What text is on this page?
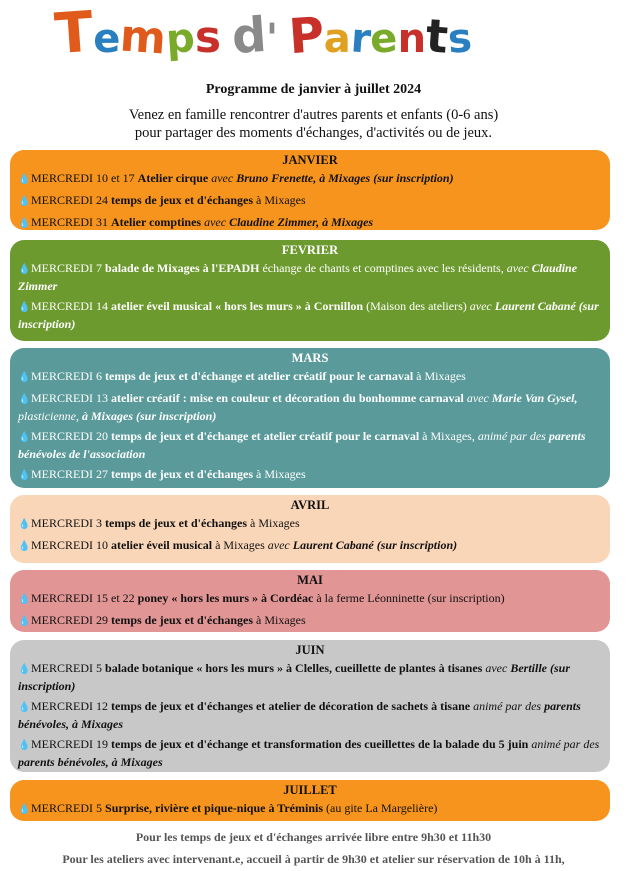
Temps d' Parents
Programme de janvier à juillet 2024
Venez en famille rencontrer d'autres parents et enfants (0-6 ans)
pour partager des moments d'échanges, d'activités ou de jeux.
JANVIER
💧 MERCREDI 10 et 17 Atelier cirque avec Bruno Frenette, à Mixages (sur inscription)
💧 MERCREDI 24 temps de jeux et d'échanges à Mixages
💧 MERCREDI 31 Atelier comptines avec Claudine Zimmer, à Mixages
FEVRIER
💧 MERCREDI 7 balade de Mixages à l'EPADH échange de chants et comptines avec les résidents, avec Claudine Zimmer
💧 MERCREDI 14 atelier éveil musical « hors les murs » à Cornillon (Maison des ateliers) avec Laurent Cabané (sur inscription)
MARS
💧 MERCREDI 6 temps de jeux et d'échange et atelier créatif pour le carnaval à Mixages
💧 MERCREDI 13 atelier créatif : mise en couleur et décoration du bonhomme carnaval avec Marie Van Gysel, plasticienne, à Mixages (sur inscription)
💧 MERCREDI 20 temps de jeux et d'échange et atelier créatif pour le carnaval à Mixages, animé par des parents bénévoles de l'association
💧 MERCREDI 27 temps de jeux et d'échanges à Mixages
AVRIL
💧 MERCREDI 3 temps de jeux et d'échanges à Mixages
💧 MERCREDI 10 atelier éveil musical à Mixages avec Laurent Cabané (sur inscription)
MAI
💧 MERCREDI 15 et 22 poney « hors les murs » à Cordéac à la ferme Léonninette (sur inscription)
💧 MERCREDI 29 temps de jeux et d'échanges à Mixages
JUIN
💧 MERCREDI 5 balade botanique « hors les murs » à Clelles, cueillette de plantes à tisanes avec Bertille (sur inscription)
💧 MERCREDI 12 temps de jeux et d'échanges et atelier de décoration de sachets à tisane animé par des parents bénévoles, à Mixages
💧 MERCREDI 19 temps de jeux et d'échange et transformation des cueillettes de la balade du 5 juin animé par des parents bénévoles, à Mixages
JUILLET
💧 MERCREDI 5 Surprise, rivière et pique-nique à Tréminis (au gite La Margelière)
Pour les temps de jeux et d'échanges arrivée libre entre 9h30 et 11h30
Pour les ateliers avec intervenant.e, accueil à partir de 9h30 et atelier sur réservation de 10h à 11h,
